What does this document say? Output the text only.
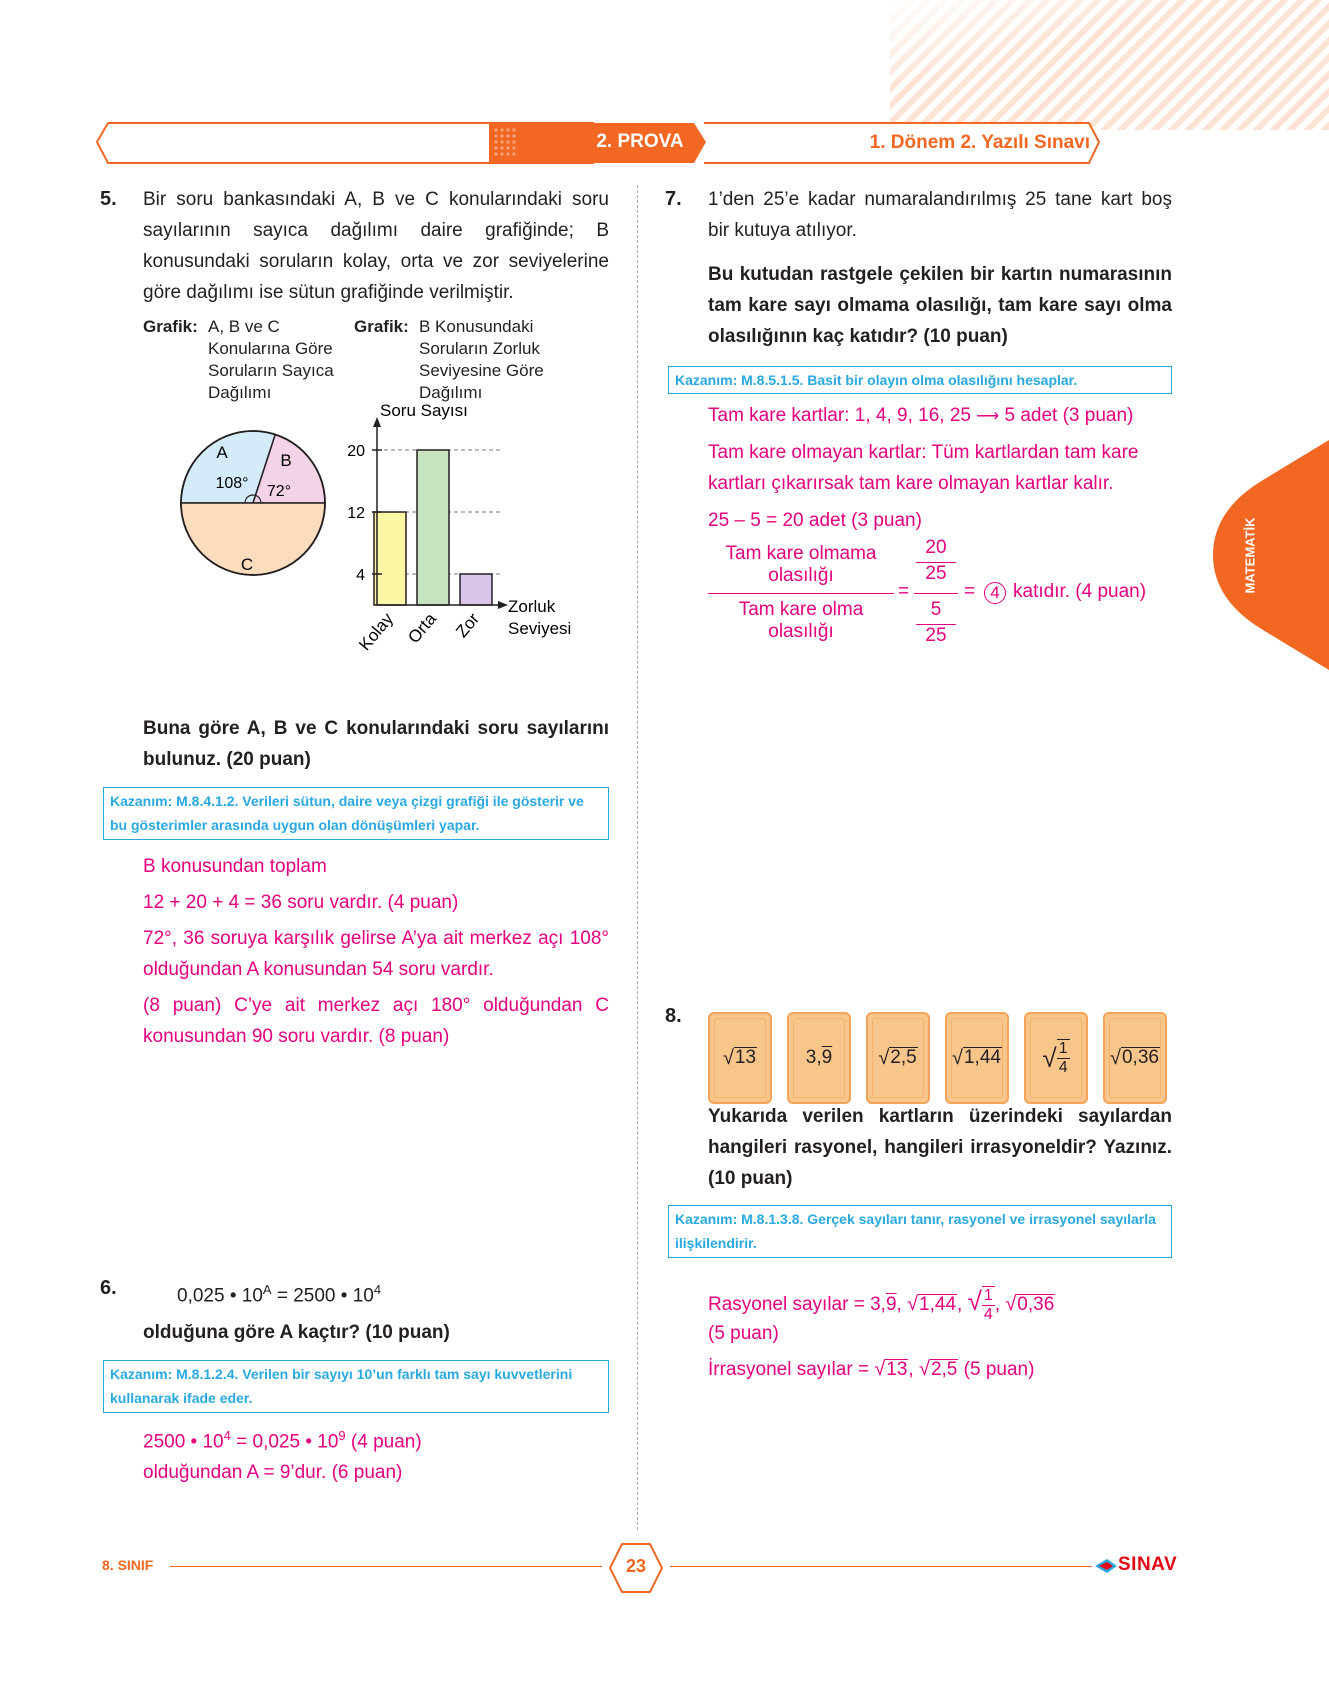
2. PROVA	1. Dönem 2. Yazılı Sınavı
MATEMATİK
5. Bir soru bankasındaki A, B ve C konularındaki soru sayılarının sayıca dağılımı daire grafiğinde; B konusundaki soruların kolay, orta ve zor seviyelerine göre dağılımı ise sütun grafiğinde verilmiştir.
Grafik: A, B ve C Konularına Göre Soruların Sayıca Dağılımı
Grafik: B Konusundaki Soruların Zorluk Seviyesine Göre Dağılımı
A	B
C
108° 72°
Soru Sayısı
4
12
20
Kolay Orta Zor
Zorluk
Seviyesi
Buna göre A, B ve C konularındaki soru sayılarını bulunuz. (20 puan)
Kazanım: M.8.4.1.2. Verileri sütun, daire veya çizgi grafiği ile gösterir ve bu gösterimler arasında uygun olan dönüşümleri yapar.
B konusundan toplam
12 + 20 + 4 = 36 soru vardır. (4 puan)
72°, 36 soruya karşılık gelirse A’ya ait merkez açı 108° olduğundan A konusundan 54 soru vardır.
(8 puan) C’ye ait merkez açı 180° olduğundan C konusundan 90 soru vardır. (8 puan)
6.	0,025 • $10^A = 2500$ • $10^4$
olduğuna göre A kaçtır? (10 puan)
Kazanım: M.8.1.2.4. Verilen bir sayıyı 10’un farklı tam sayı kuvvetlerini kullanarak ifade eder.
2500 • $10^4 = 0,025$ • $10^9$ (4 puan)
olduğundan A = 9’dur. (6 puan)
7. 1’den 25’e kadar numaralandırılmış 25 tane kart boş bir kutuya atılıyor.
Bu kutudan rastgele çekilen bir kartın numarasının tam kare sayı olmama olasılığı, tam kare sayı olma olasılığının kaç katıdır? (10 puan)
Kazanım: M.8.5.1.5. Basit bir olayın olma olasılığını hesaplar.
Tam kare kartlar: 1, 4, 9, 16, 25 ⟶ 5 adet (3 puan)
Tam kare olmayan kartlar: Tüm kartlardan tam kare kartları çıkarırsak tam kare olmayan kartlar kalır.
25 – 5 = 20 adet (3 puan)
Tam kare olmama olasılığı
Tam kare olma olasılığı
=
20
25
5
25
= 4 katıdır. (4 puan)
8.
√ 13	3, 9 √ 2,5 √ 1,44 √ $\frac{1}{4}$ √ 0,36
Yukarıda verilen kartların üzerindeki sayılardan hangileri rasyonel, hangileri irrasyoneldir? Yazınız. (10 puan)
Kazanım: M.8.1.3.8. Gerçek sayıları tanır, rasyonel ve irrasyonel sayılarla ilişkilendirir.
Rasyonel sayılar = 3,9, √1,44, √ $\frac{1}{4}$ , √0,36
(5 puan)
İrrasyonel sayılar = √13, √2,5 (5 puan)
8. SINIF	23	SINAV
